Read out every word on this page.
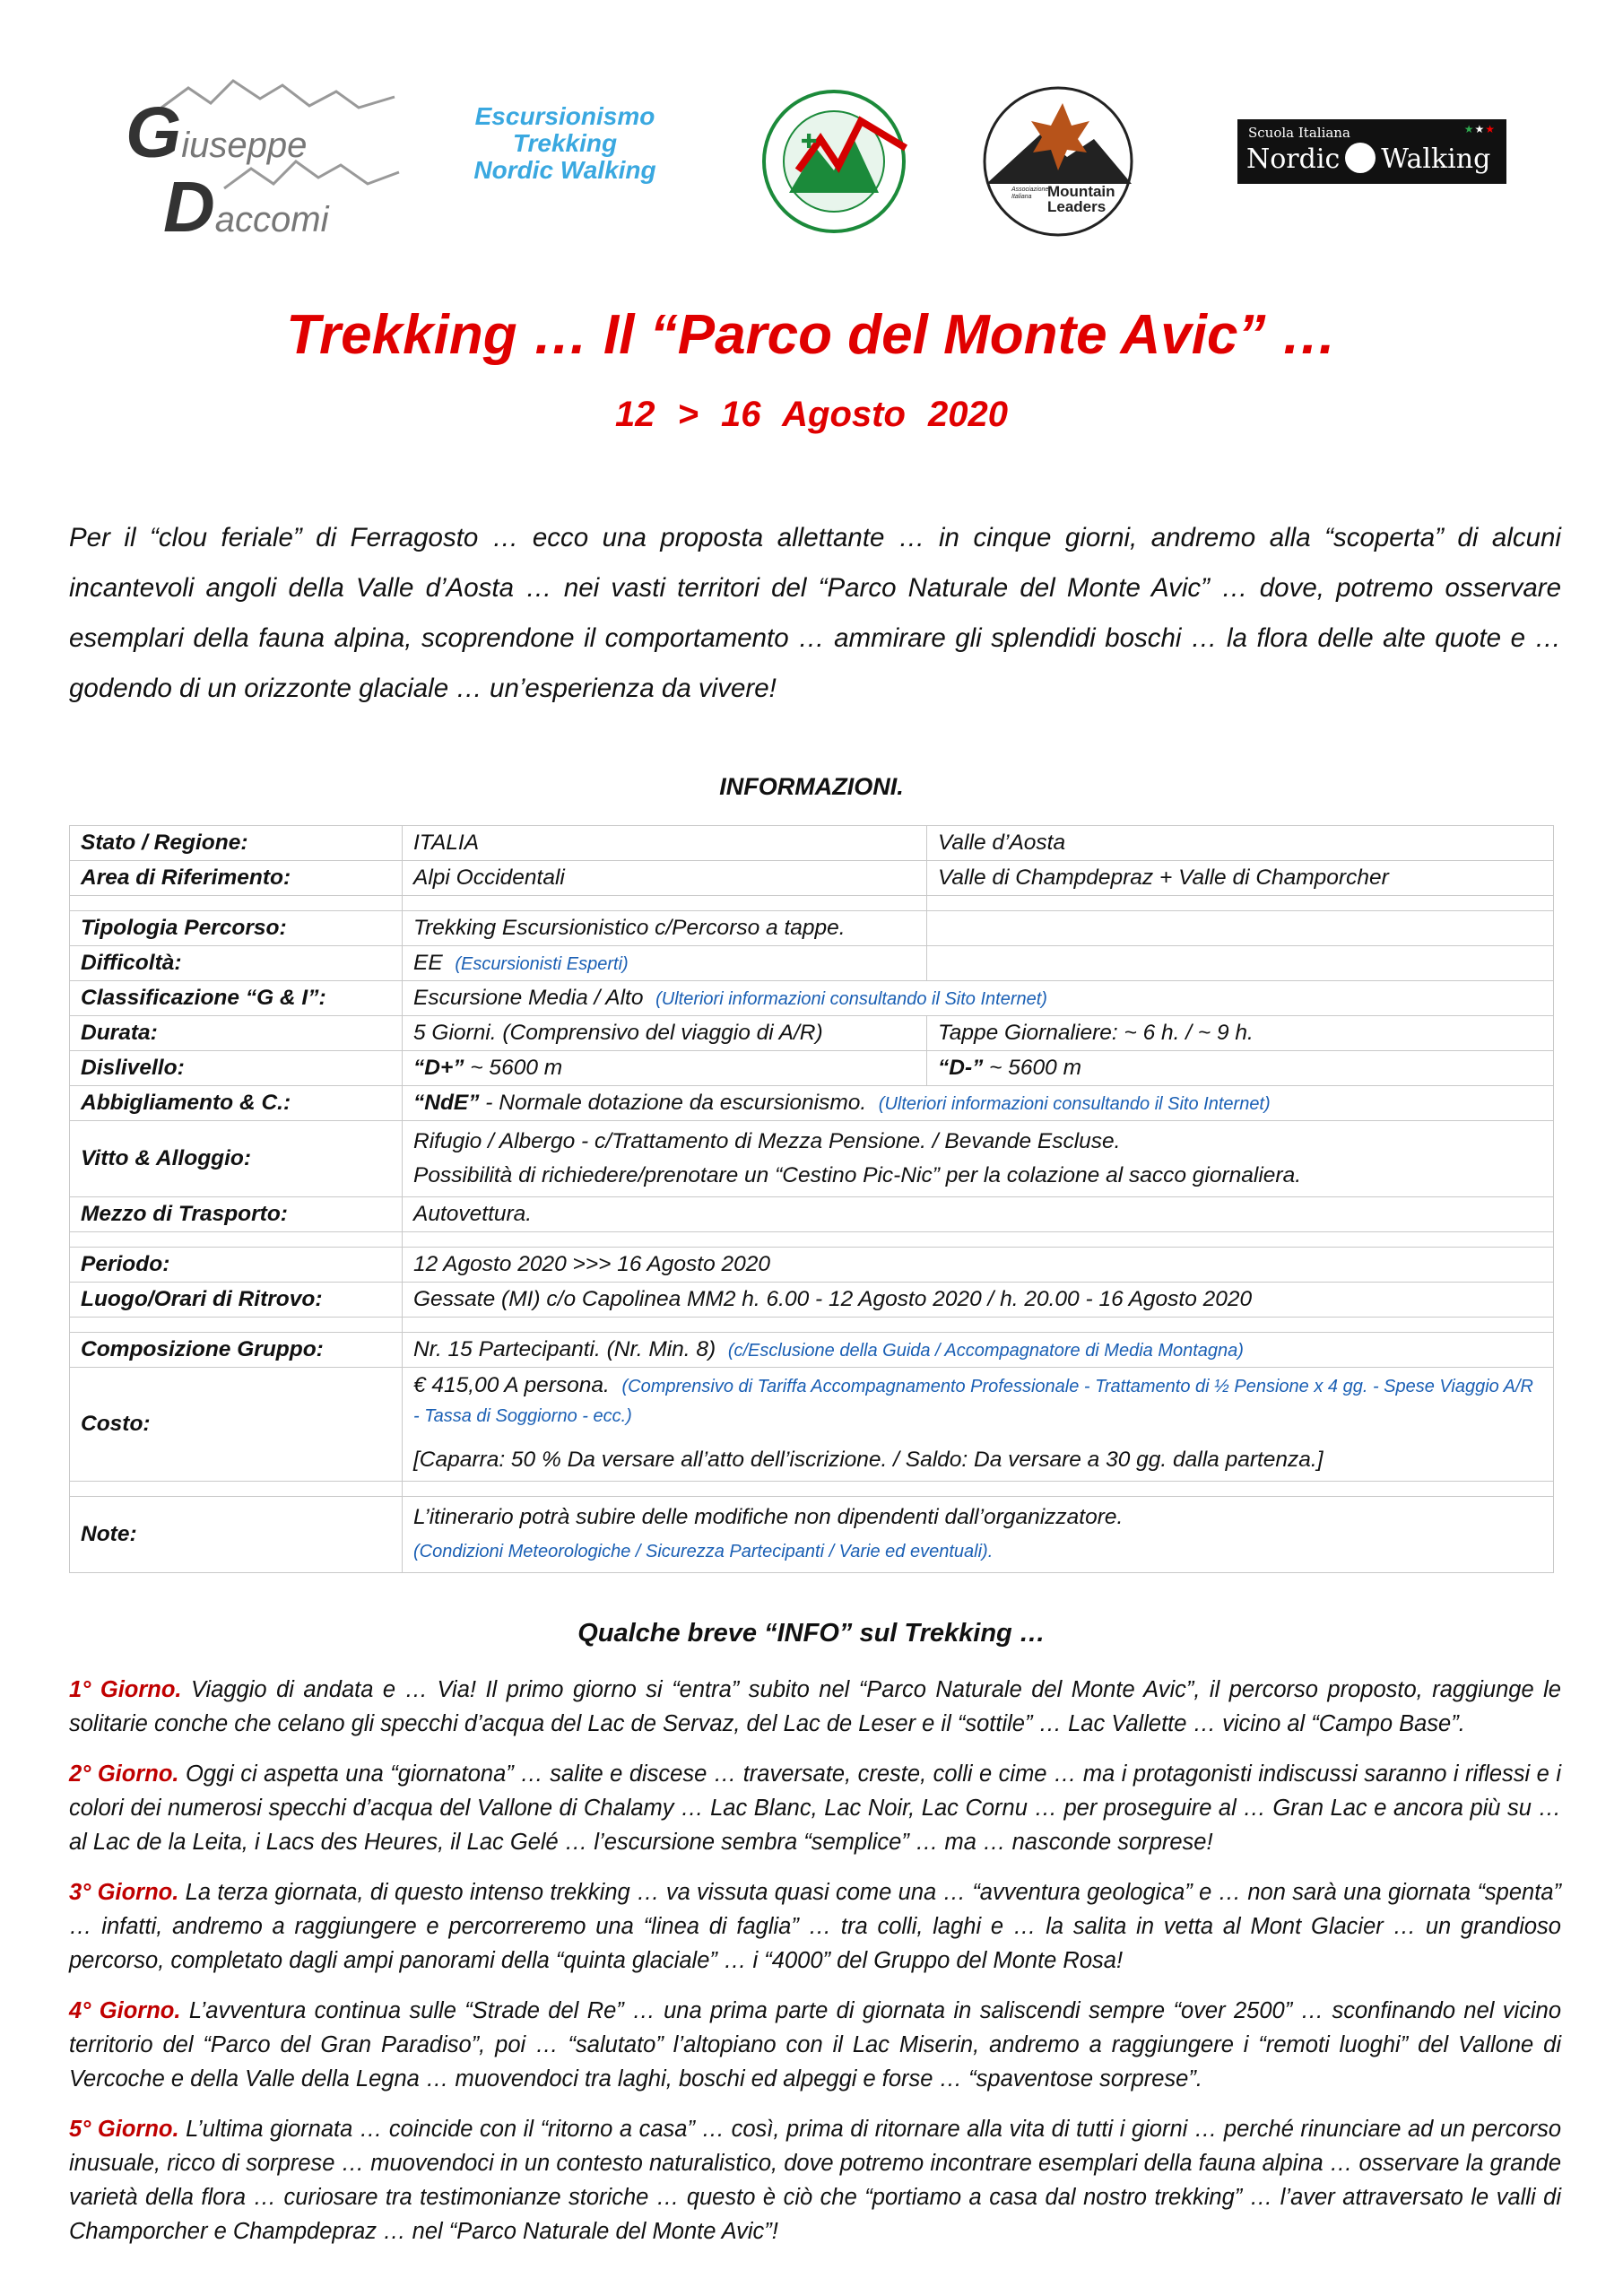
Giuseppe
Daccomi
Escursionismo
Trekking
Nordic Walking
✚
Associazione Italiana	Mountain
Leaders
Scuola Italiana	★★★
Nordic Walking
Trekking … Il “Parco del Monte Avic” …
12 > 16 Agosto 2020
Per il “clou feriale” di Ferragosto … ecco una proposta allettante … in cinque giorni, andremo alla “scoperta” di alcuni incantevoli angoli della Valle d’Aosta … nei vasti territori del “Parco Naturale del Monte Avic” … dove, potremo osservare esemplari della fauna alpina, scoprendone il comportamento … ammirare gli splendidi boschi … la flora delle alte quote e … godendo di un orizzonte glaciale … un’esperienza da vivere!
INFORMAZIONI.
Stato / Regione:	ITALIA	Valle d’Aosta
Area di Riferimento:	Alpi Occidentali	Valle di Champdepraz + Valle di Champorcher

Tipologia Percorso:	Trekking Escursionistico c/Percorso a tappe.	
Difficoltà:	EE (Escursionisti Esperti)	
Classificazione “G & I”:	Escursione Media / Alto (Ulteriori informazioni consultando il Sito Internet)	
Durata:	5 Giorni. (Comprensivo del viaggio di A/R)	Tappe Giornaliere: ~ 6 h. / ~ 9 h.
Dislivello:	“D+” ~ 5600 m	“D-” ~ 5600 m
Abbigliamento & C.:	“NdE” - Normale dotazione da escursionismo. (Ulteriori informazioni consultando il Sito Internet)	
Vitto & Alloggio:	Rifugio / Albergo - c/Trattamento di Mezza Pensione. / Bevande Escluse.
Possibilità di richiedere/prenotare un “Cestino Pic-Nic” per la colazione al sacco giornaliera.	

Mezzo di Trasporto:	Autovettura.	

Periodo:	12 Agosto 2020 >>> 16 Agosto 2020	
Luogo/Orari di Ritrovo:	Gessate (MI) c/o Capolinea MM2 h. 6.00 - 12 Agosto 2020 / h. 20.00 - 16 Agosto 2020	

Composizione Gruppo:	Nr. 15 Partecipanti. (Nr. Min. 8) (c/Esclusione della Guida / Accompagnatore di Media Montagna)	
Costo:	€ 415,00 A persona. (Comprensivo di Tariffa Accompagnamento Professionale - Trattamento di ½ Pensione x 4 gg. - Spese Viaggio A/R - Tassa di Soggiorno - ecc.)
[Caparra: 50 % Da versare all’atto dell’iscrizione. / Saldo: Da versare a 30 gg. dalla partenza.]	

Note:	L’itinerario potrà subire delle modifiche non dipendenti dall’organizzatore.
(Condizioni Meteorologiche / Sicurezza Partecipanti / Varie ed eventuali).	
Qualche breve “INFO” sul Trekking …

1° Giorno. Viaggio di andata e … Via! Il primo giorno si “entra” subito nel “Parco Naturale del Monte Avic”, il percorso proposto, raggiunge le solitarie conche che celano gli specchi d’acqua del Lac de Servaz, del Lac de Leser e il “sottile” … Lac Vallette … vicino al “Campo Base”.

2° Giorno. Oggi ci aspetta una “giornatona” … salite e discese … traversate, creste, colli e cime … ma i protagonisti indiscussi saranno i riflessi e i colori dei numerosi specchi d’acqua del Vallone di Chalamy … Lac Blanc, Lac Noir, Lac Cornu … per proseguire al … Gran Lac e ancora più su … al Lac de la Leita, i Lacs des Heures, il Lac Gelé … l’escursione sembra “semplice” … ma … nasconde sorprese!

3° Giorno. La terza giornata, di questo intenso trekking … va vissuta quasi come una … “avventura geologica” e … non sarà una giornata “spenta” … infatti, andremo a raggiungere e percorreremo una “linea di faglia” … tra colli, laghi e … la salita in vetta al Mont Glacier … un grandioso percorso, completato dagli ampi panorami della “quinta glaciale” … i “4000” del Gruppo del Monte Rosa!

4° Giorno. L’avventura continua sulle “Strade del Re” … una prima parte di giornata in saliscendi sempre “over 2500” … sconfinando nel vicino territorio del “Parco del Gran Paradiso”, poi … “salutato” l’altopiano con il Lac Miserin, andremo a raggiungere i “remoti luoghi” del Vallone di Vercoche e della Valle della Legna … muovendoci tra laghi, boschi ed alpeggi e forse … “spaventose sorprese”.

5° Giorno. L’ultima giornata … coincide con il “ritorno a casa” … così, prima di ritornare alla vita di tutti i giorni … perché rinunciare ad un percorso inusuale, ricco di sorprese … muovendoci in un contesto naturalistico, dove potremo incontrare esemplari della fauna alpina … osservare la grande varietà della flora … curiosare tra testimonianze storiche … questo è ciò che “portiamo a casa dal nostro trekking” … l’aver attraversato le valli di Champorcher e Champdepraz … nel “Parco Naturale del Monte Avic”!
